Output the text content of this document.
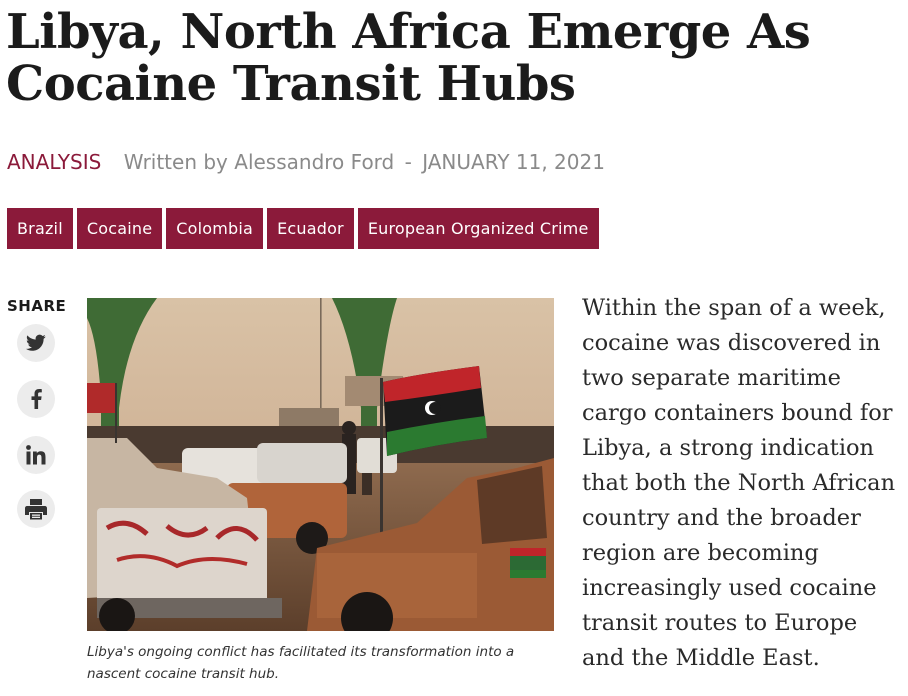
Libya, North Africa Emerge As Cocaine Transit Hubs
ANALYSIS Written by Alessandro Ford - JANUARY 11, 2021
Brazil	Cocaine	Colombia	Ecuador	European Organized Crime
SHARE
Libya's ongoing conflict has facilitated its transformation into a nascent cocaine transit hub.

Within the span of a week, cocaine was discovered in two separate maritime cargo containers bound for Libya, a strong indication that both the North African country and the broader region are becoming increasingly used cocaine transit routes to Europe and the Middle East.
